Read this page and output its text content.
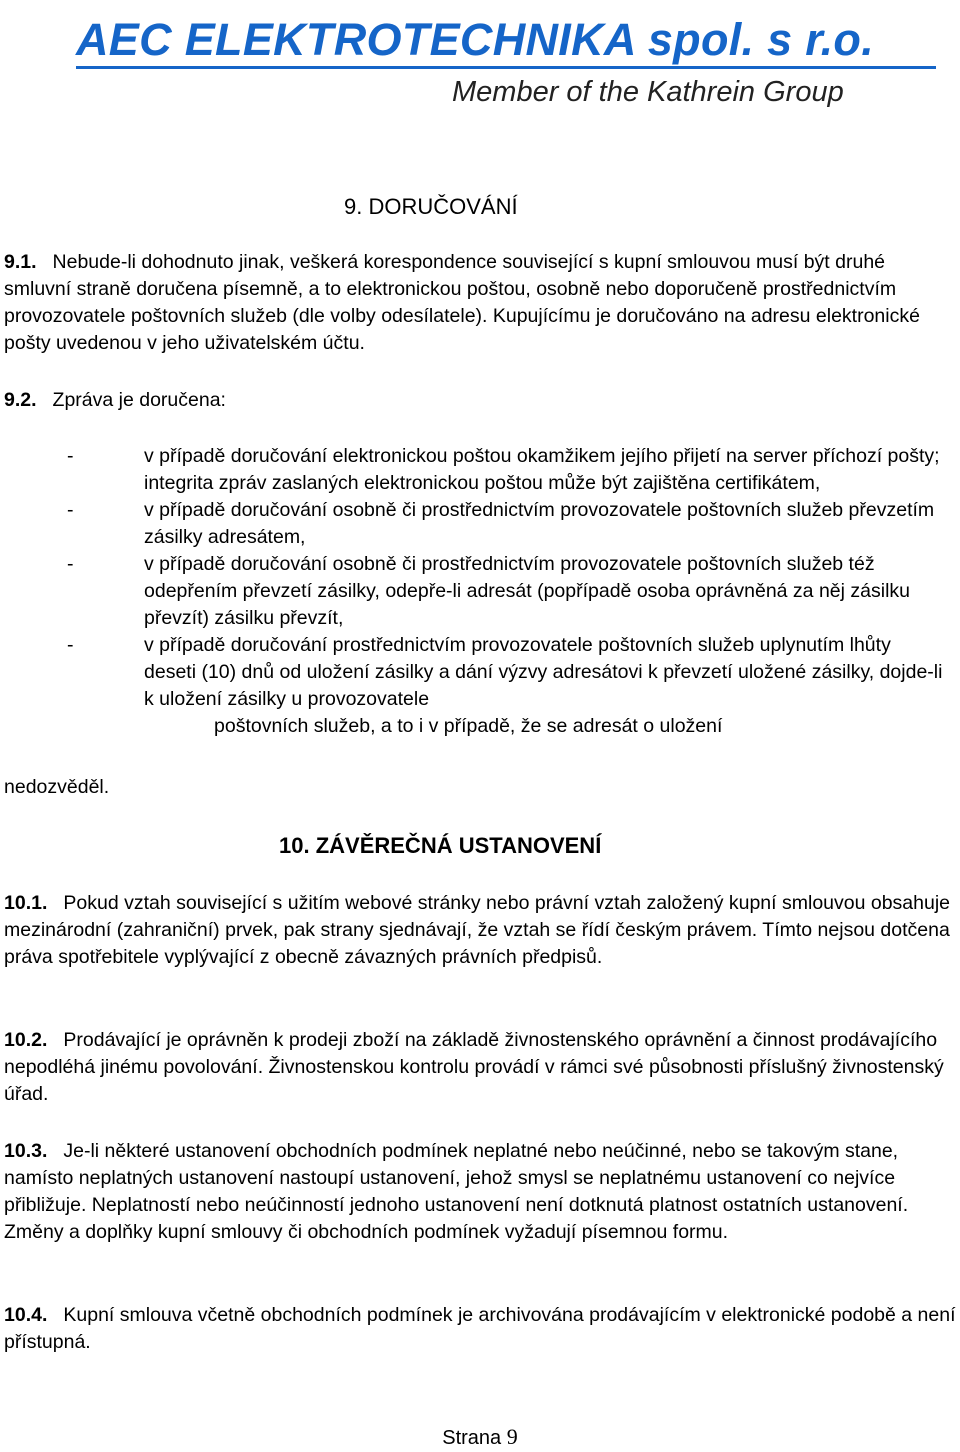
AEC ELEKTROTECHNIKA spol. s r.o.
Member of the Kathrein Group
9. DORUČOVÁNÍ

9.1. Nebude-li dohodnuto jinak, veškerá korespondence související s kupní smlouvou musí být druhé smluvní straně doručena písemně, a to elektronickou poštou, osobně nebo doporučeně prostřednictvím provozovatele poštovních služeb (dle volby odesílatele). Kupujícímu je doručováno na adresu elektronické pošty uvedenou v jeho uživatelském účtu.

9.2. Zpráva je doručena:

-	v případě doručování elektronickou poštou okamžikem jejího přijetí na server příchozí pošty; integrita zpráv zaslaných elektronickou poštou může být zajištěna certifikátem,
-	v případě doručování osobně či prostřednictvím provozovatele poštovních služeb převzetím zásilky adresátem,
-	v případě doručování osobně či prostřednictvím provozovatele poštovních služeb též odepřením převzetí zásilky, odepře-li adresát (popřípadě osoba oprávněná za něj zásilku převzít) zásilku převzít,
-	v případě doručování prostřednictvím provozovatele poštovních služeb uplynutím lhůty deseti (10) dnů od uložení zásilky a dání výzvy adresátovi k převzetí uložené zásilky, dojde-li k uložení zásilky u provozovatele
poštovních služeb, a to i v případě, že se adresát o uložení
nedozvěděl.
10. ZÁVĚREČNÁ USTANOVENÍ

10.1. Pokud vztah související s užitím webové stránky nebo právní vztah založený kupní smlouvou obsahuje mezinárodní (zahraniční) prvek, pak strany sjednávají, že vztah se řídí českým právem. Tímto nejsou dotčena práva spotřebitele vyplývající z obecně závazných právních předpisů.

10.2. Prodávající je oprávněn k prodeji zboží na základě živnostenského oprávnění a činnost prodávajícího nepodléhá jinému povolování. Živnostenskou kontrolu provádí v rámci své působnosti příslušný živnostenský úřad.

10.3. Je-li některé ustanovení obchodních podmínek neplatné nebo neúčinné, nebo se takovým stane, namísto neplatných ustanovení nastoupí ustanovení, jehož smysl se neplatnému ustanovení co nejvíce přibližuje. Neplatností nebo neúčinností jednoho ustanovení není dotknutá platnost ostatních ustanovení. Změny a doplňky kupní smlouvy či obchodních podmínek vyžadují písemnou formu.

10.4. Kupní smlouva včetně obchodních podmínek je archivována prodávajícím v elektronické podobě a není přístupná.

Strana 9
